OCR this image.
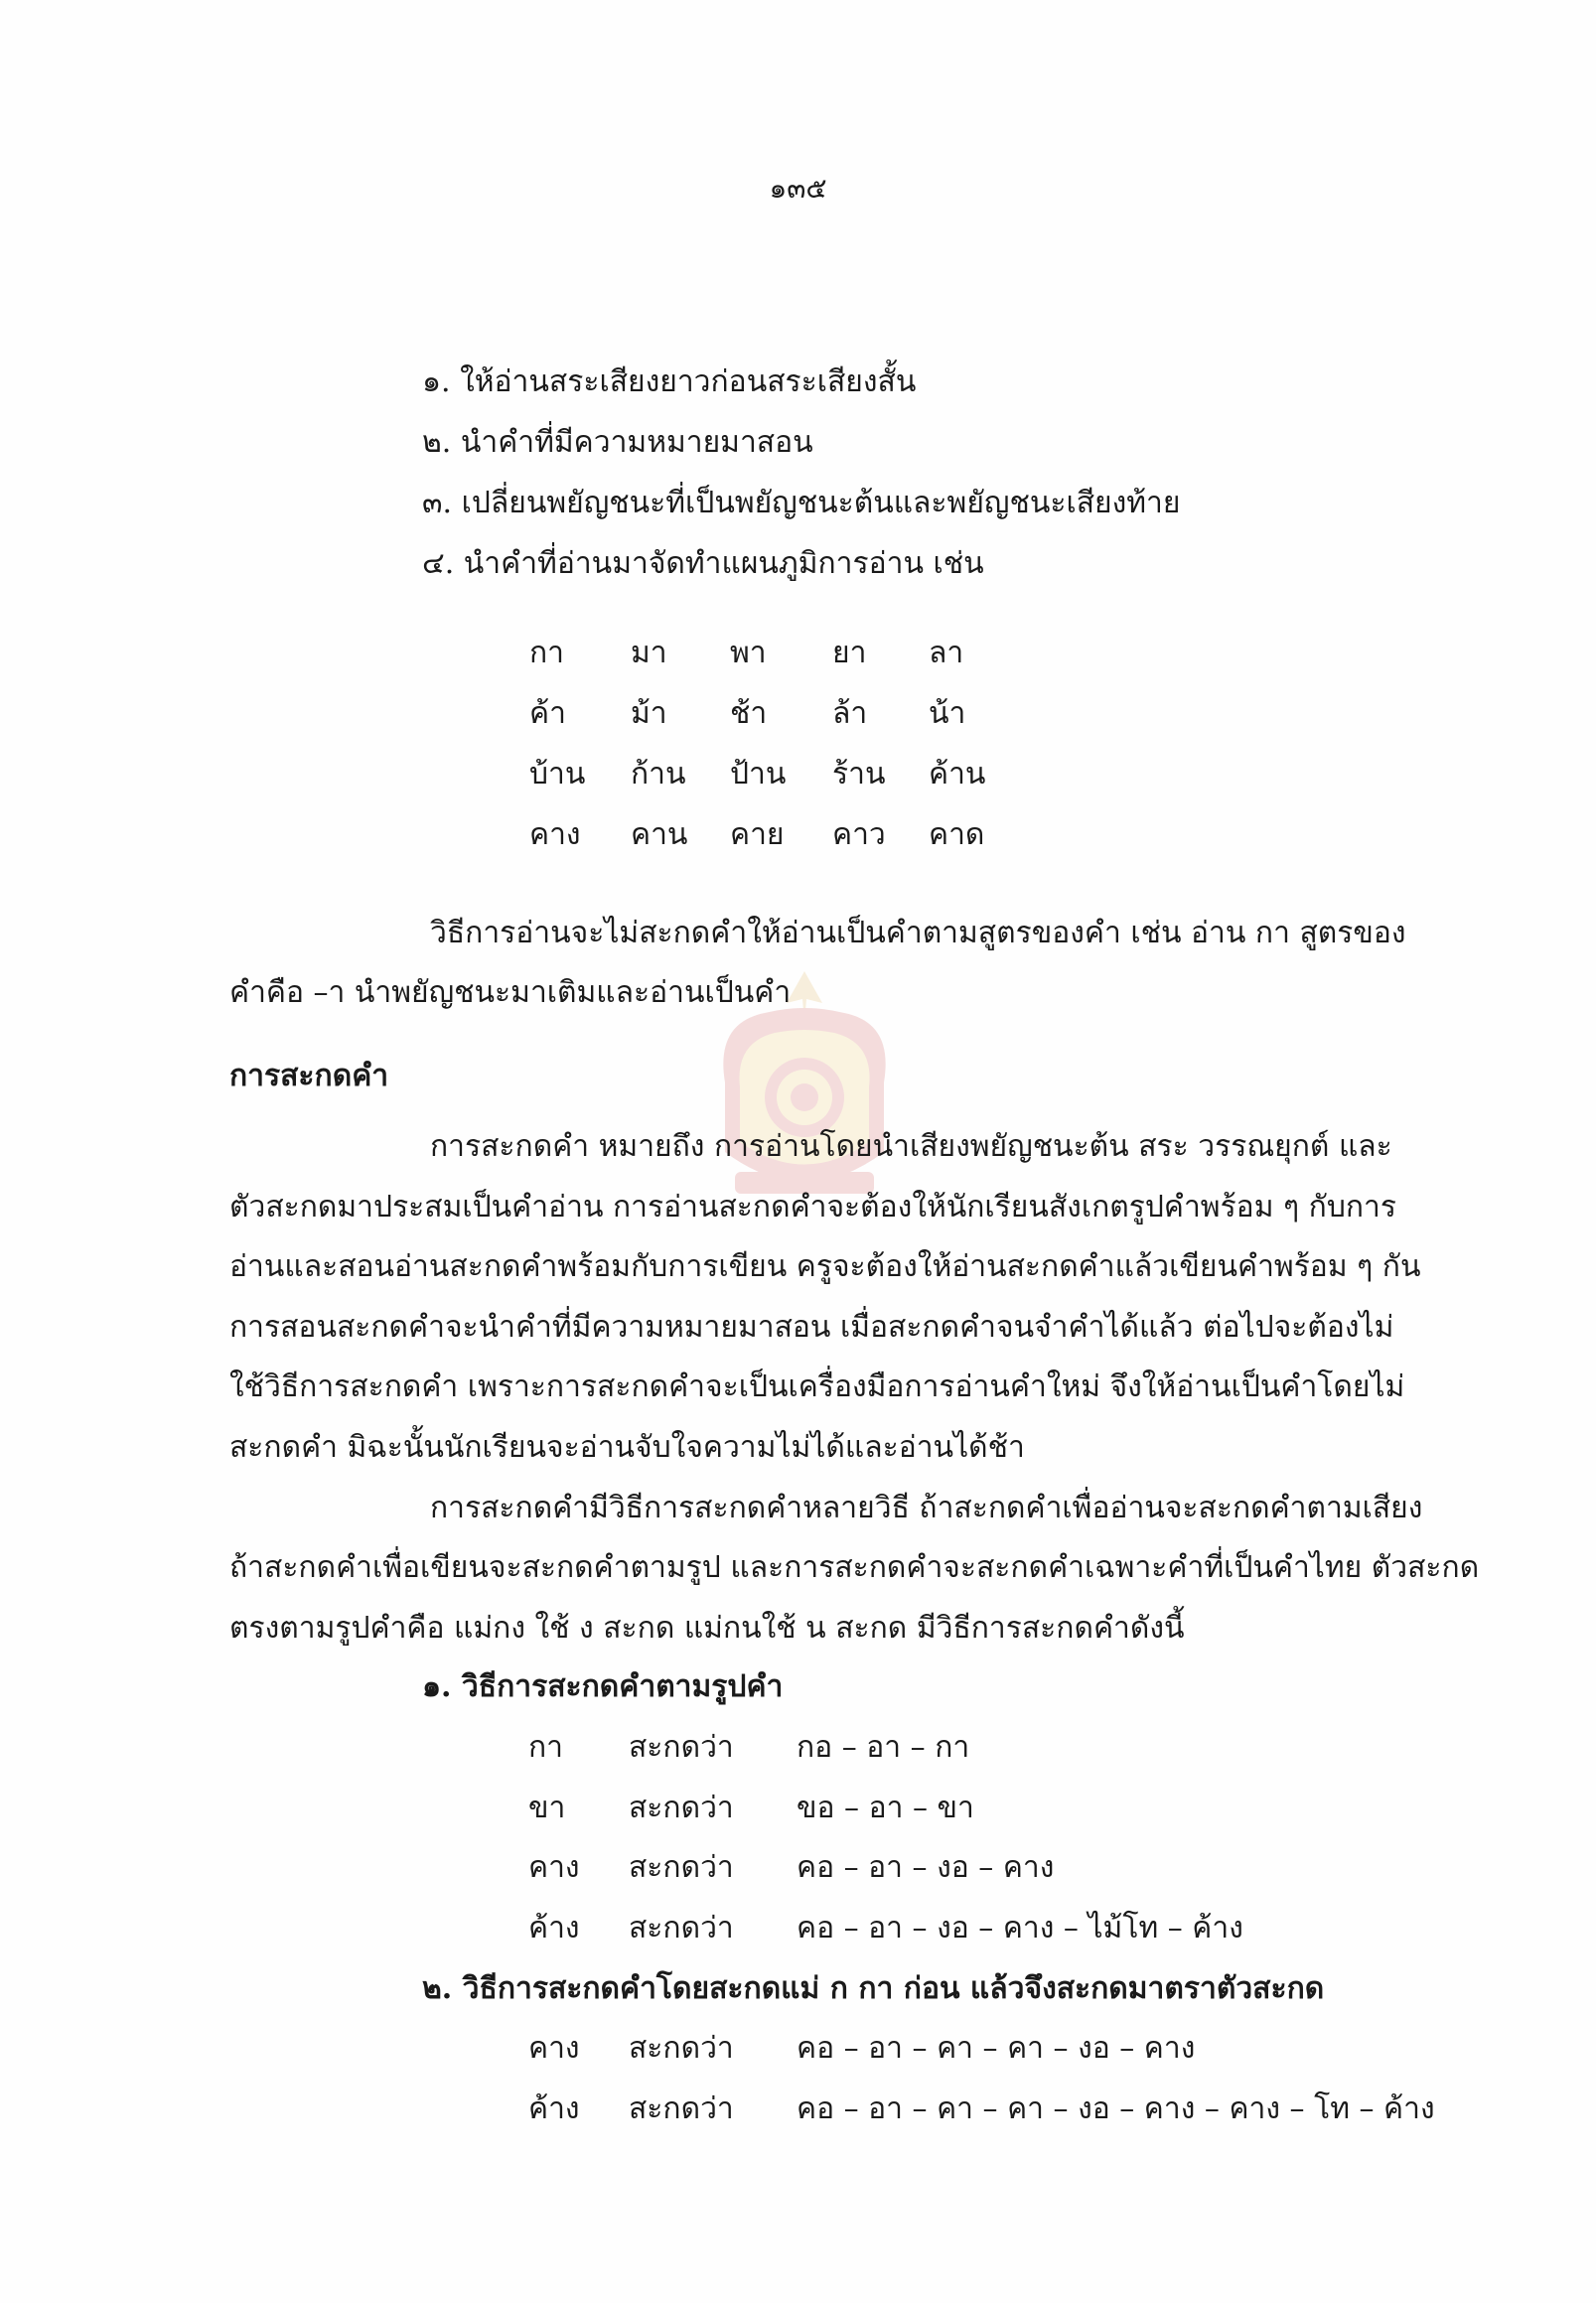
๑๓๕
๑. ให้อ่านสระเสียงยาวก่อนสระเสียงสั้น
๒. นำคำที่มีความหมายมาสอน
๓. เปลี่ยนพยัญชนะที่เป็นพยัญชนะต้นและพยัญชนะเสียงท้าย
๔. นำคำที่อ่านมาจัดทำแผนภูมิการอ่าน เช่น
กา มา พา ยา ลา
ค้า ม้า ช้า ล้า น้า
บ้าน ก้าน ป้าน ร้าน ค้าน
คาง คาน คาย คาว คาด
วิธีการอ่านจะไม่สะกดคำให้อ่านเป็นคำตามสูตรของคำ เช่น อ่าน กา สูตรของ
คำคือ –า นำพยัญชนะมาเติมและอ่านเป็นคำ
การสะกดคำ
การสะกดคำ หมายถึง การอ่านโดยนำเสียงพยัญชนะต้น สระ วรรณยุกต์ และ
ตัวสะกดมาประสมเป็นคำอ่าน การอ่านสะกดคำจะต้องให้นักเรียนสังเกตรูปคำพร้อม ๆ กับการ
อ่านและสอนอ่านสะกดคำพร้อมกับการเขียน ครูจะต้องให้อ่านสะกดคำแล้วเขียนคำพร้อม ๆ กัน
การสอนสะกดคำจะนำคำที่มีความหมายมาสอน เมื่อสะกดคำจนจำคำได้แล้ว ต่อไปจะต้องไม่
ใช้วิธีการสะกดคำ เพราะการสะกดคำจะเป็นเครื่องมือการอ่านคำใหม่ จึงให้อ่านเป็นคำโดยไม่
สะกดคำ มิฉะนั้นนักเรียนจะอ่านจับใจความไม่ได้และอ่านได้ช้า
การสะกดคำมีวิธีการสะกดคำหลายวิธี ถ้าสะกดคำเพื่ออ่านจะสะกดคำตามเสียง
ถ้าสะกดคำเพื่อเขียนจะสะกดคำตามรูป และการสะกดคำจะสะกดคำเฉพาะคำที่เป็นคำไทย ตัวสะกด
ตรงตามรูปคำคือ แม่กง ใช้ ง สะกด แม่กนใช้ น สะกด มีวิธีการสะกดคำดังนี้
๑. วิธีการสะกดคำตามรูปคำ
กา สะกดว่า กอ – อา – กา
ขา สะกดว่า ขอ – อา – ขา
คาง สะกดว่า คอ – อา – งอ – คาง
ค้าง สะกดว่า คอ – อา – งอ – คาง – ไม้โท – ค้าง
๒. วิธีการสะกดคำโดยสะกดแม่ ก กา ก่อน แล้วจึงสะกดมาตราตัวสะกด
คาง สะกดว่า คอ – อา – คา – คา – งอ – คาง
ค้าง สะกดว่า คอ – อา – คา – คา – งอ – คาง – คาง – โท – ค้าง
